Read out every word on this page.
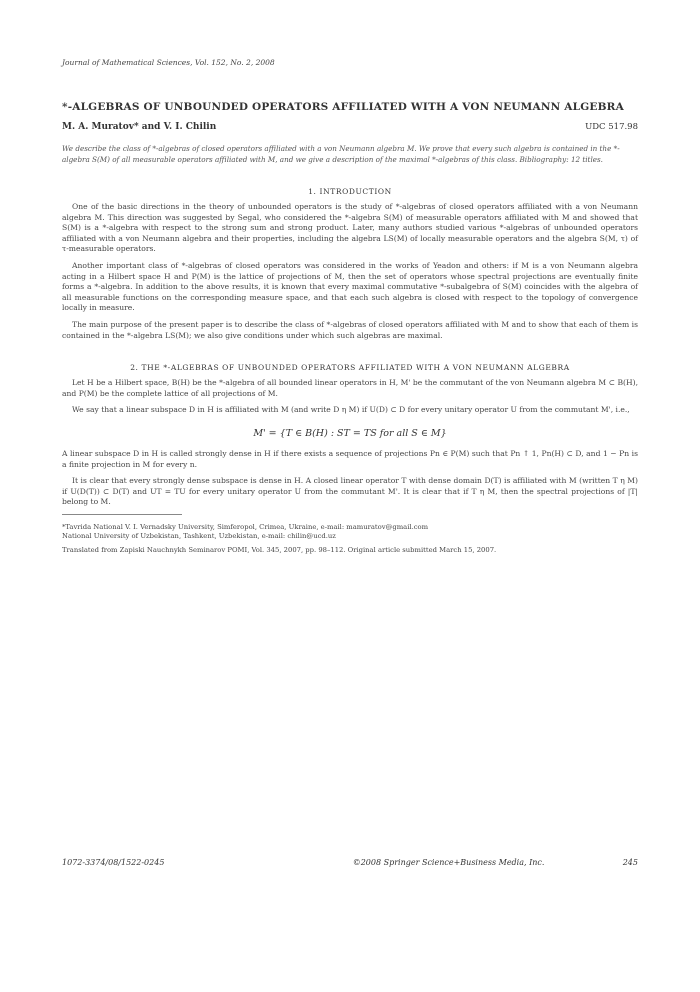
Journal of Mathematical Sciences, Vol. 152, No. 2, 2008
*-ALGEBRAS OF UNBOUNDED OPERATORS AFFILIATED WITH A VON NEUMANN ALGEBRA
M. A. Muratov* and V. I. Chilin	UDC 517.98
We describe the class of *-algebras of closed operators affiliated with a von Neumann algebra M. We prove that every such algebra is contained in the *-algebra S(M) of all measurable operators affiliated with M, and we give a description of the maximal *-algebras of this class. Bibliography: 12 titles.
1. INTRODUCTION
One of the basic directions in the theory of unbounded operators is the study of *-algebras of closed operators affiliated with a von Neumann algebra M. This direction was suggested by Segal, who considered the *-algebra S(M) of measurable operators affiliated with M and showed that S(M) is a *-algebra with respect to the strong sum and strong product. Later, many authors studied various *-algebras of unbounded operators affiliated with a von Neumann algebra and their properties, including the algebra LS(M) of locally measurable operators and the algebra S(M, τ) of τ-measurable operators.
Another important class of *-algebras of closed operators was considered in the works of Yeadon and others: if M is a von Neumann algebra acting in a Hilbert space H and P(M) is the lattice of projections of M, then the set of operators whose spectral projections are eventually finite forms a *-algebra. In addition to the above results, it is known that every maximal commutative *-subalgebra of S(M) coincides with the algebra of all measurable functions on the corresponding measure space, and that each such algebra is closed with respect to the topology of convergence locally in measure.
The main purpose of the present paper is to describe the class of *-algebras of closed operators affiliated with M and to show that each of them is contained in the *-algebra LS(M); we also give conditions under which such algebras are maximal.
2. THE *-ALGEBRAS OF UNBOUNDED OPERATORS AFFILIATED WITH A VON NEUMANN ALGEBRA
Let H be a Hilbert space, B(H) be the *-algebra of all bounded linear operators in H, M' be the commutant of the von Neumann algebra M ⊂ B(H), and P(M) be the complete lattice of all projections of M.
We say that a linear subspace D in H is affiliated with M (and write D η M) if U(D) ⊂ D for every unitary operator U from the commutant M', i.e.,
M' = {T ∈ B(H) : ST = TS for all S ∈ M}
A linear subspace D in H is called strongly dense in H if there exists a sequence of projections Pn ∈ P(M) such that Pn ↑ 1, Pn(H) ⊂ D, and 1 − Pn is a finite projection in M for every n.
It is clear that every strongly dense subspace is dense in H. A closed linear operator T with dense domain D(T) is affiliated with M (written T η M) if U(D(T)) ⊂ D(T) and UT = TU for every unitary operator U from the commutant M'. It is clear that if T η M, then the spectral projections of |T| belong to M.
*Tavrida National V. I. Vernadsky University, Simferopol, Crimea, Ukraine, e-mail: mamuratov@gmail.com
National University of Uzbekistan, Tashkent, Uzbekistan, e-mail: chilin@ucd.uz
Translated from Zapiski Nauchnykh Seminarov POMI, Vol. 345, 2007, pp. 98–112. Original article submitted March 15, 2007.
1072-3374/08/1522-0245	©2008 Springer Science+Business Media, Inc.	245
